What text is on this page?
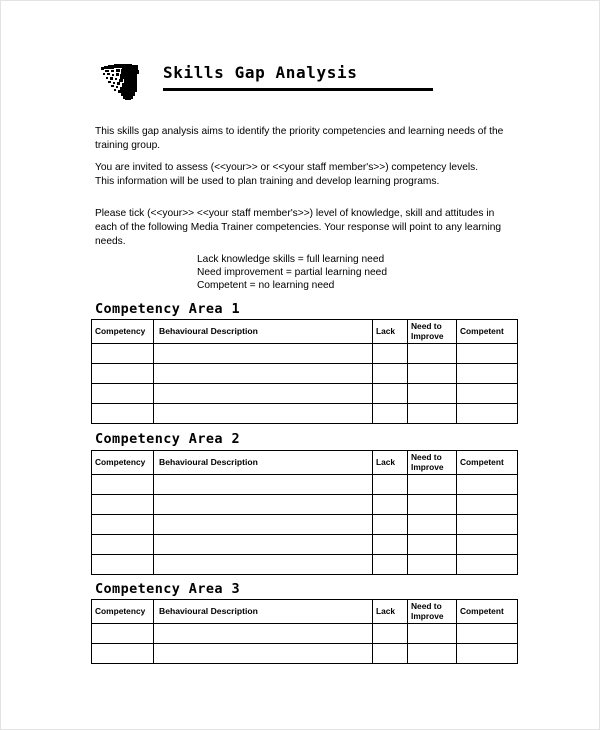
Skills Gap Analysis

This skills gap analysis aims to identify the priority competencies and learning needs of the training group.

You are invited to assess (<<your>> or <<your staff member's>>) competency levels.

This information will be used to plan training and develop learning programs.

Please tick (<<your>> <<your staff member's>>) level of knowledge, skill and attitudes in each of the following Media Trainer competencies. Your response will point to any learning needs.

Lack knowledge skills = full learning need
Need improvement = partial learning need
Competent = no learning need
Competency Area 1
Competency	Behavioural Description	Lack	Need to Improve	Competent

Competency Area 2
Competency	Behavioural Description	Lack	Need to Improve	Competent

Competency Area 3
Competency	Behavioural Description	Lack	Need to Improve	Competent
